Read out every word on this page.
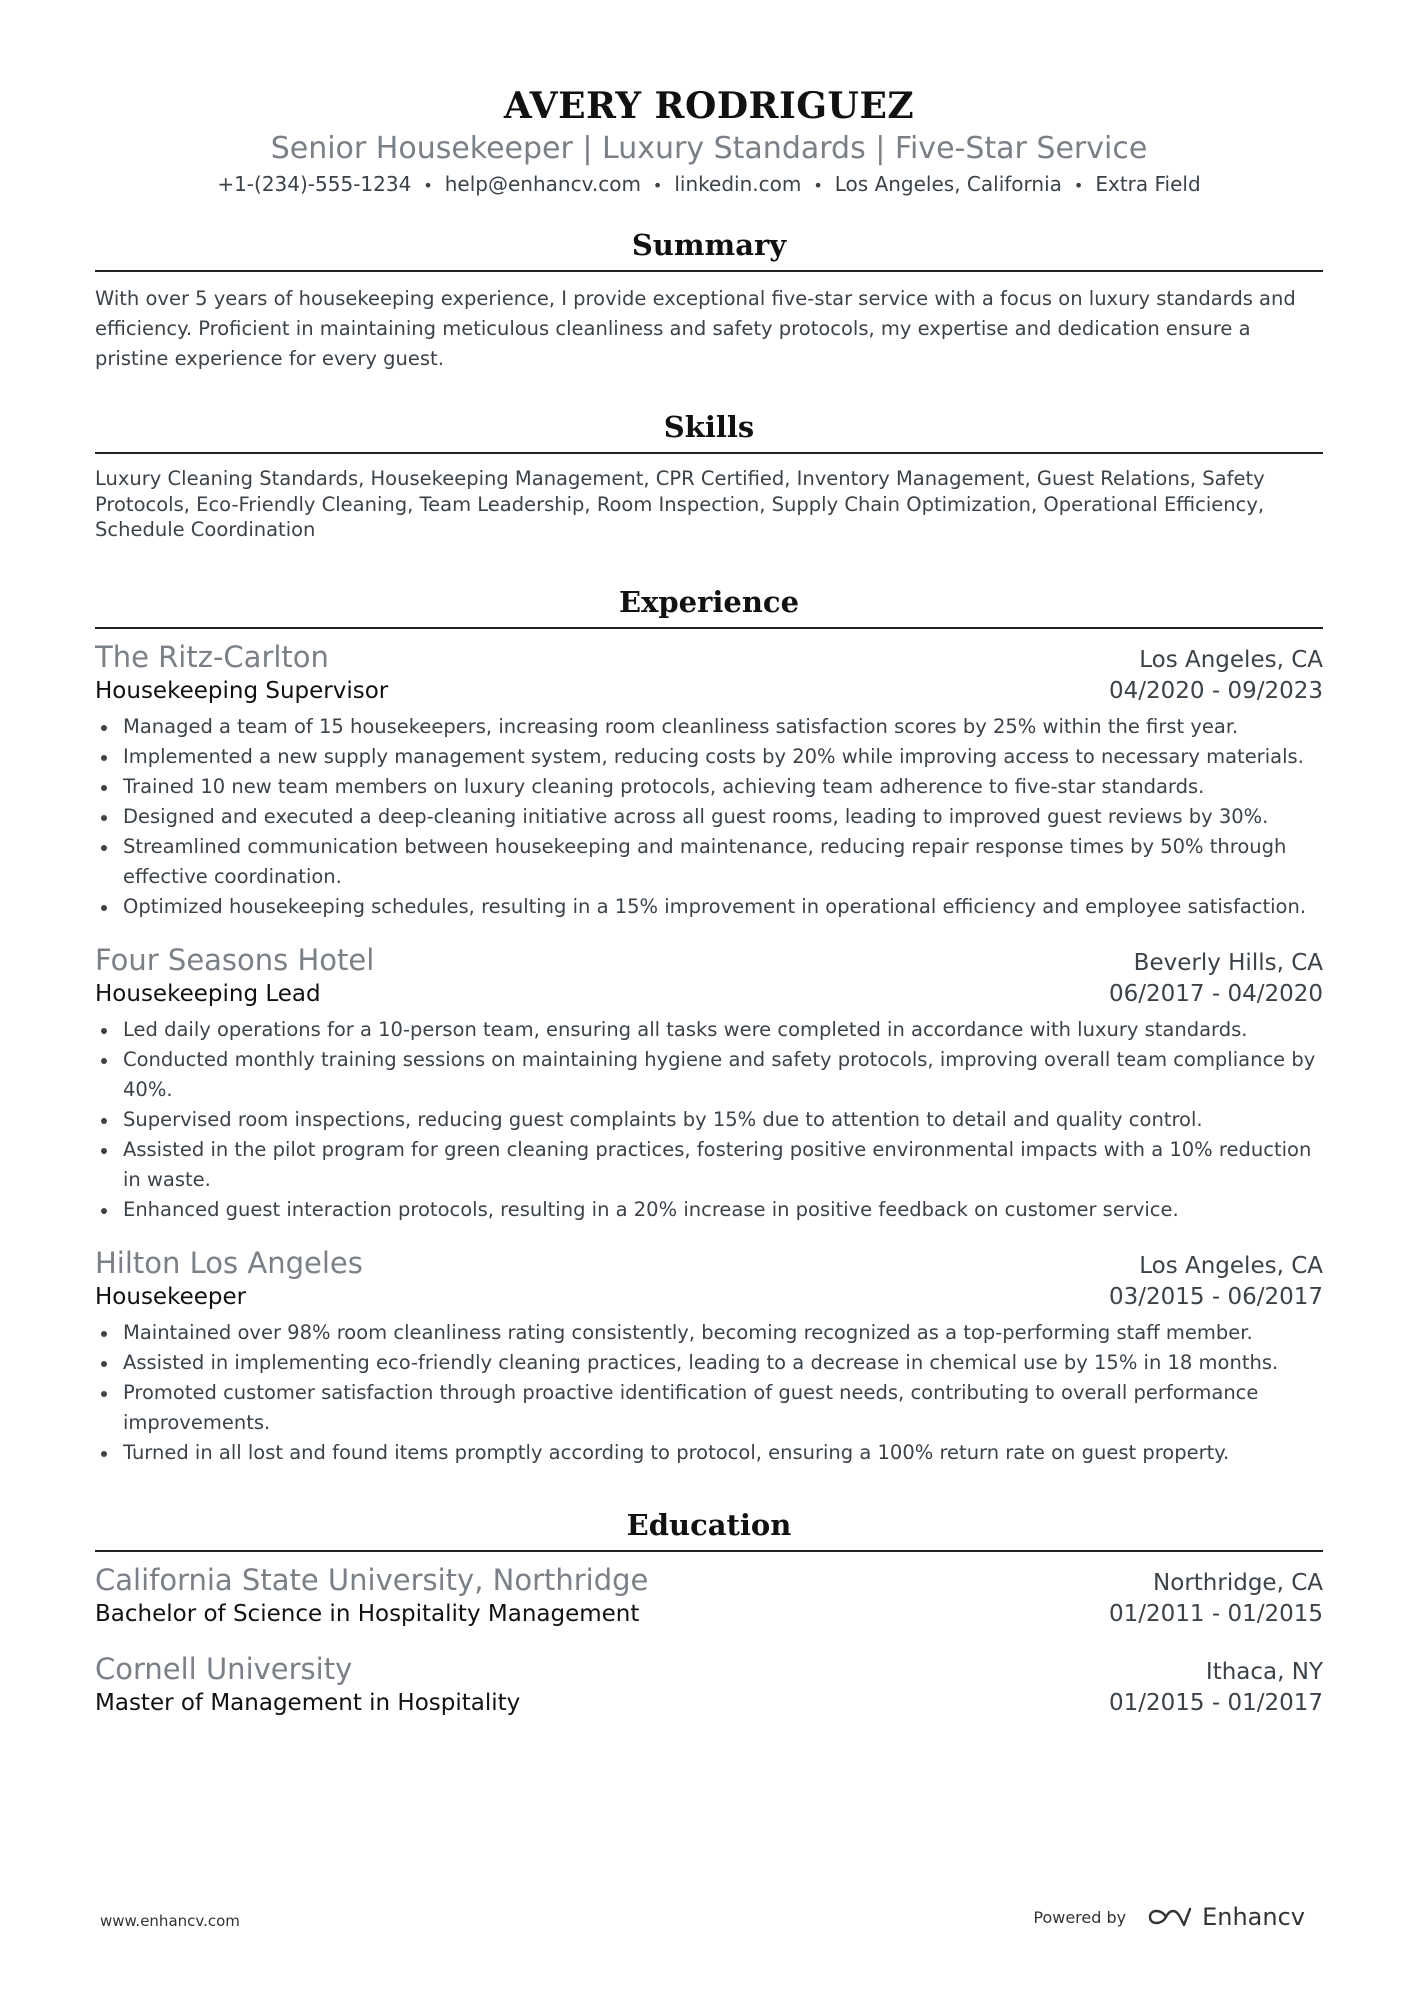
AVERY RODRIGUEZ
Senior Housekeeper | Luxury Standards | Five-Star Service
+1-(234)-555-1234 • help@enhancv.com • linkedin.com • Los Angeles, California • Extra Field
Summary
With over 5 years of housekeeping experience, I provide exceptional five-star service with a focus on luxury standards and efficiency. Proficient in maintaining meticulous cleanliness and safety protocols, my expertise and dedication ensure a pristine experience for every guest.
Skills
Luxury Cleaning Standards, Housekeeping Management, CPR Certified, Inventory Management, Guest Relations, Safety Protocols, Eco-Friendly Cleaning, Team Leadership, Room Inspection, Supply Chain Optimization, Operational Efficiency, Schedule Coordination
Experience
The Ritz-Carlton	Los Angeles, CA
Housekeeping Supervisor	04/2020 - 09/2023
Managed a team of 15 housekeepers, increasing room cleanliness satisfaction scores by 25% within the first year.
Implemented a new supply management system, reducing costs by 20% while improving access to necessary materials.
Trained 10 new team members on luxury cleaning protocols, achieving team adherence to five-star standards.
Designed and executed a deep-cleaning initiative across all guest rooms, leading to improved guest reviews by 30%.
Streamlined communication between housekeeping and maintenance, reducing repair response times by 50% through effective coordination.
Optimized housekeeping schedules, resulting in a 15% improvement in operational efficiency and employee satisfaction.
Four Seasons Hotel	Beverly Hills, CA
Housekeeping Lead	06/2017 - 04/2020
Led daily operations for a 10-person team, ensuring all tasks were completed in accordance with luxury standards.
Conducted monthly training sessions on maintaining hygiene and safety protocols, improving overall team compliance by 40%.
Supervised room inspections, reducing guest complaints by 15% due to attention to detail and quality control.
Assisted in the pilot program for green cleaning practices, fostering positive environmental impacts with a 10% reduction in waste.
Enhanced guest interaction protocols, resulting in a 20% increase in positive feedback on customer service.
Hilton Los Angeles	Los Angeles, CA
Housekeeper	03/2015 - 06/2017
Maintained over 98% room cleanliness rating consistently, becoming recognized as a top-performing staff member.
Assisted in implementing eco-friendly cleaning practices, leading to a decrease in chemical use by 15% in 18 months.
Promoted customer satisfaction through proactive identification of guest needs, contributing to overall performance improvements.
Turned in all lost and found items promptly according to protocol, ensuring a 100% return rate on guest property.
Education
California State University, Northridge	Northridge, CA
Bachelor of Science in Hospitality Management	01/2011 - 01/2015
Cornell University	Ithaca, NY
Master of Management in Hospitality	01/2015 - 01/2017
www.enhancv.com	Powered by	Enhancv
